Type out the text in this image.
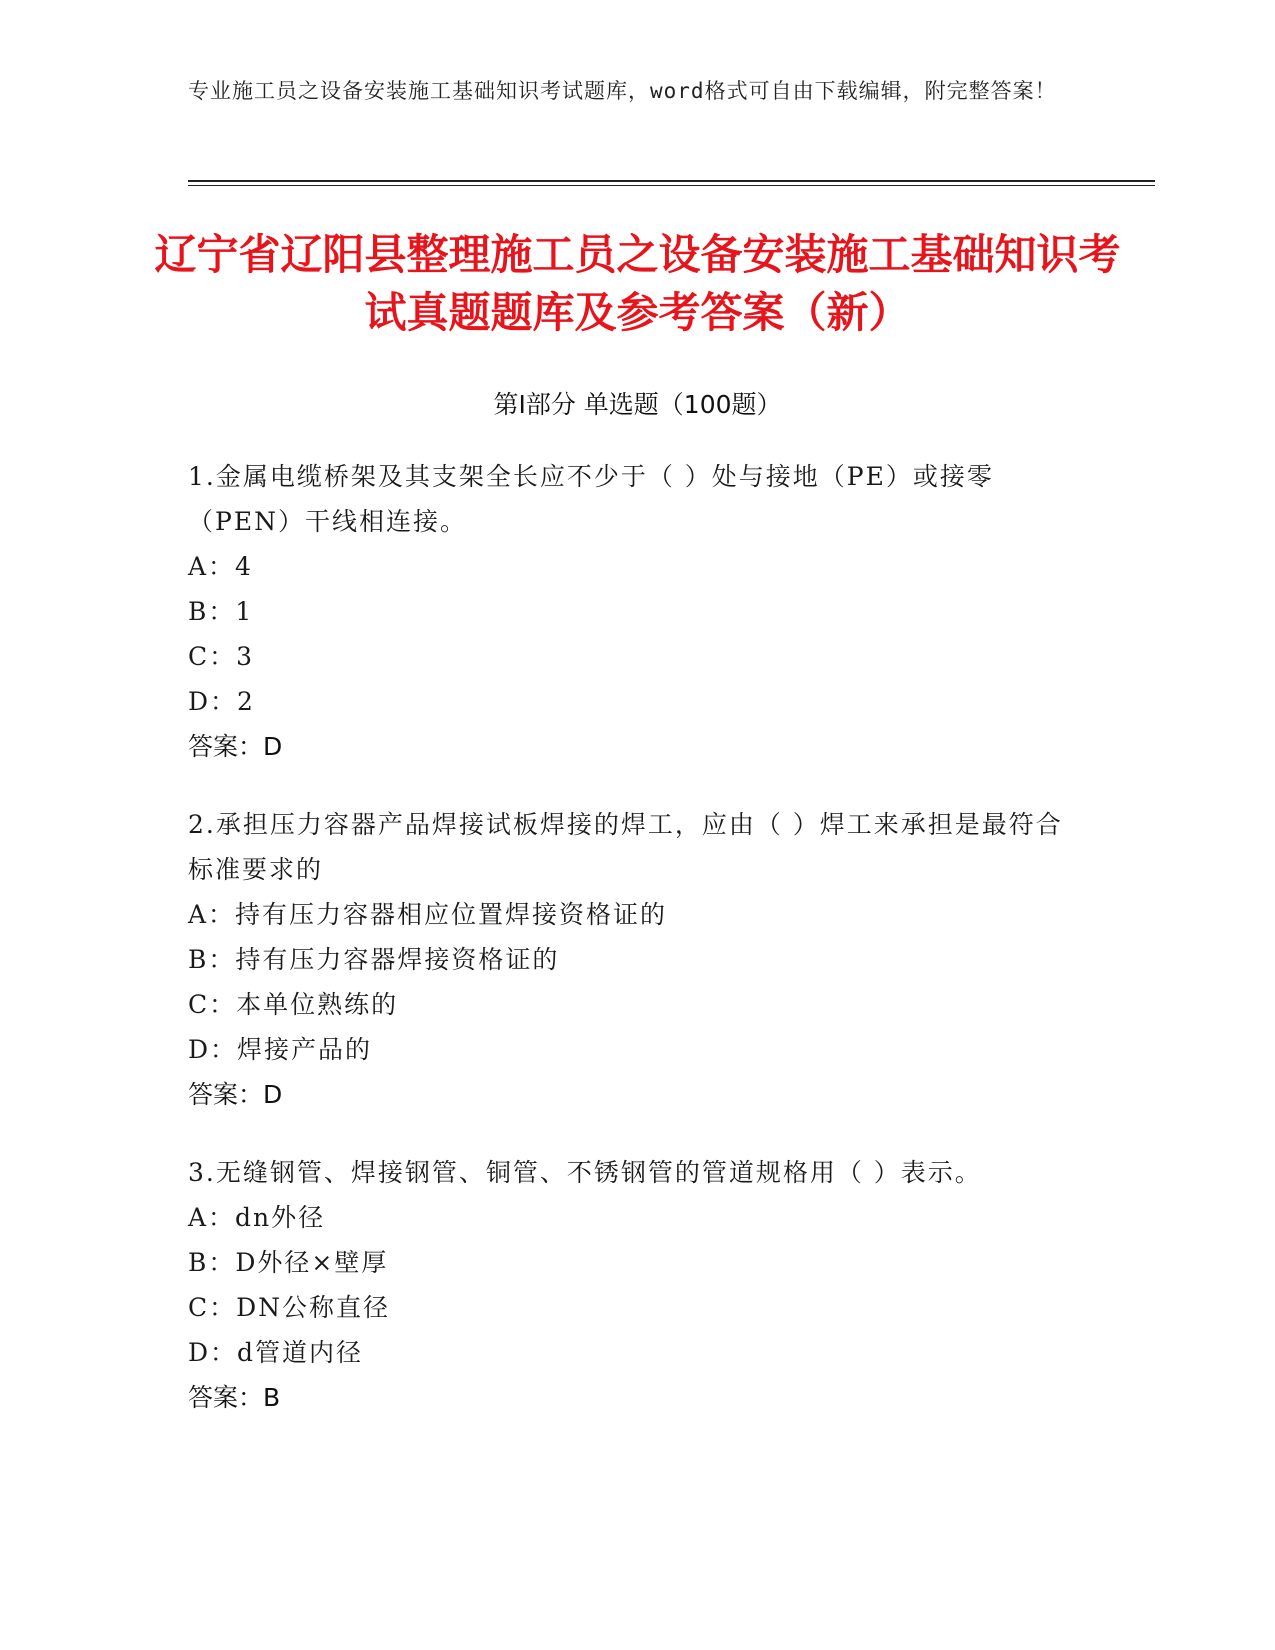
专业施工员之设备安装施工基础知识考试题库，word格式可自由下载编辑，附完整答案！
辽宁省辽阳县整理施工员之设备安装施工基础知识考试真题题库及参考答案（新）
第Ⅰ部分 单选题（100题）

1.金属电缆桥架及其支架全长应不少于（ ）处与接地（PE）或接零（PEN）干线相连接。

A：4

B：1

C：3

D：2

答案：D

2.承担压力容器产品焊接试板焊接的焊工，应由（ ）焊工来承担是最符合标准要求的

A：持有压力容器相应位置焊接资格证的

B：持有压力容器焊接资格证的

C：本单位熟练的

D：焊接产品的

答案：D

3.无缝钢管、焊接钢管、铜管、不锈钢管的管道规格用（ ）表示。

A：dn外径

B：D外径×壁厚

C：DN公称直径

D：d管道内径

答案：B
